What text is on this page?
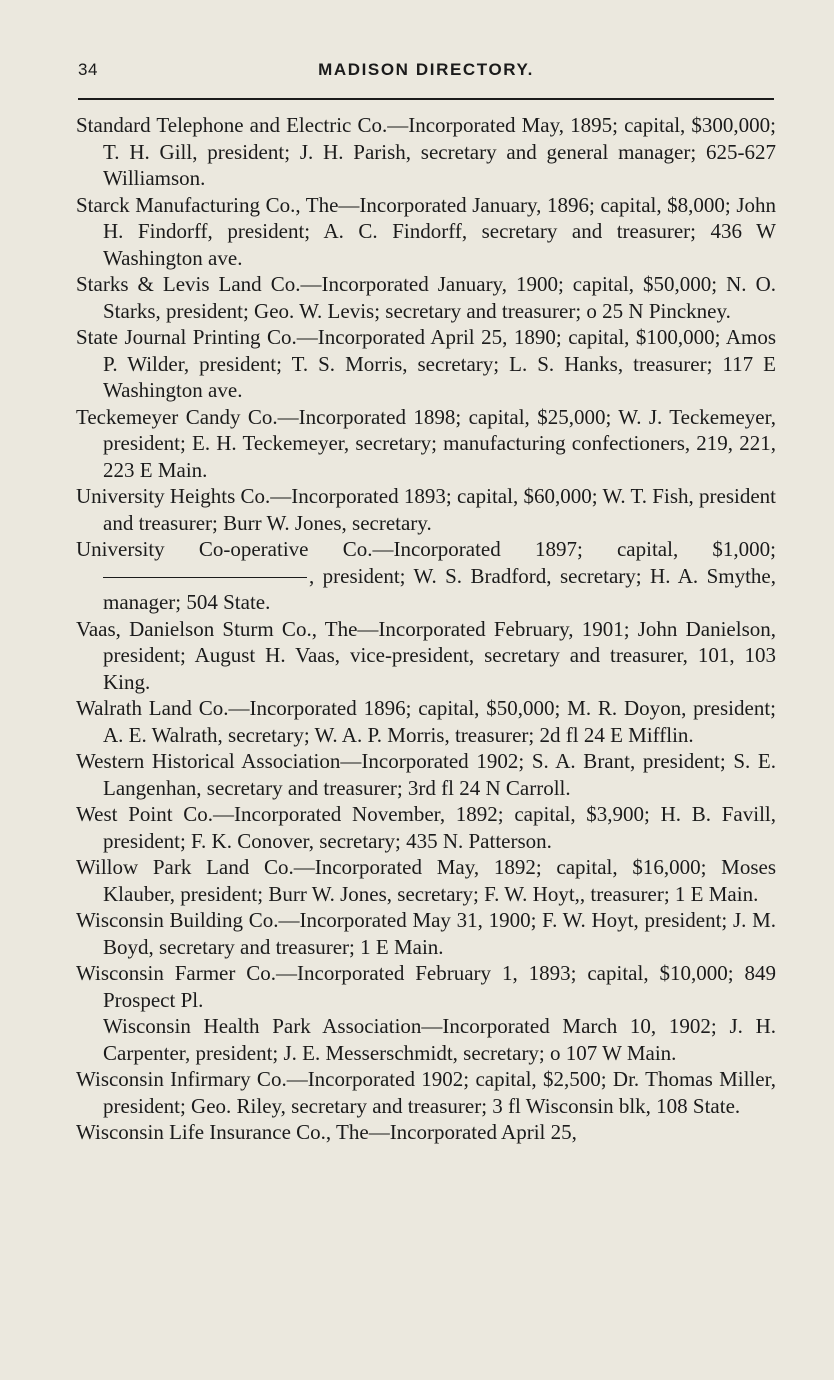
34	MADISON DIRECTORY.

Standard Telephone and Electric Co.—Incorporated May, 1895; capital, $300,000; T. H. Gill, president; J. H. Parish, secretary and general manager; 625-627 Williamson.

Starck Manufacturing Co., The—Incorporated January, 1896; capital, $8,000; John H. Findorff, president; A. C. Findorff, secretary and treasurer; 436 W Washington ave.

Starks & Levis Land Co.—Incorporated January, 1900; capital, $50,000; N. O. Starks, president; Geo. W. Levis; secretary and treasurer; o 25 N Pinckney.

State Journal Printing Co.—Incorporated April 25, 1890; capital, $100,000; Amos P. Wilder, president; T. S. Morris, secretary; L. S. Hanks, treasurer; 117 E Washington ave.

Teckemeyer Candy Co.—Incorporated 1898; capital, $25,000; W. J. Teckemeyer, president; E. H. Teckemeyer, secretary; manufacturing confectioners, 219, 221, 223 E Main.

University Heights Co.—Incorporated 1893; capital, $60,000; W. T. Fish, president and treasurer; Burr W. Jones, secretary.

University Co-operative Co.—Incorporated 1897; capital, $1,000; , president; W. S. Bradford, secretary; H. A. Smythe, manager; 504 State.

Vaas, Danielson Sturm Co., The—Incorporated February, 1901; John Danielson, president; August H. Vaas, vice-president, secretary and treasurer, 101, 103 King.

Walrath Land Co.—Incorporated 1896; capital, $50,000; M. R. Doyon, president; A. E. Walrath, secretary; W. A. P. Morris, treasurer; 2d fl 24 E Mifflin.

Western Historical Association—Incorporated 1902; S. A. Brant, president; S. E. Langenhan, secretary and treasurer; 3rd fl 24 N Carroll.

West Point Co.—Incorporated November, 1892; capital, $3,900; H. B. Favill, president; F. K. Conover, secretary; 435 N. Patterson.

Willow Park Land Co.—Incorporated May, 1892; capital, $16,000; Moses Klauber, president; Burr W. Jones, secretary; F. W. Hoyt,, treasurer; 1 E Main.

Wisconsin Building Co.—Incorporated May 31, 1900; F. W. Hoyt, president; J. M. Boyd, secretary and treasurer; 1 E Main.

Wisconsin Farmer Co.—Incorporated February 1, 1893; capital, $10,000; 849 Prospect Pl.

Wisconsin Health Park Association—Incorporated March 10, 1902; J. H. Carpenter, president; J. E. Messerschmidt, secretary; o 107 W Main.

Wisconsin Infirmary Co.—Incorporated 1902; capital, $2,500; Dr. Thomas Miller, president; Geo. Riley, secretary and treasurer; 3 fl Wisconsin blk, 108 State.

Wisconsin Life Insurance Co., The—Incorporated April 25,
